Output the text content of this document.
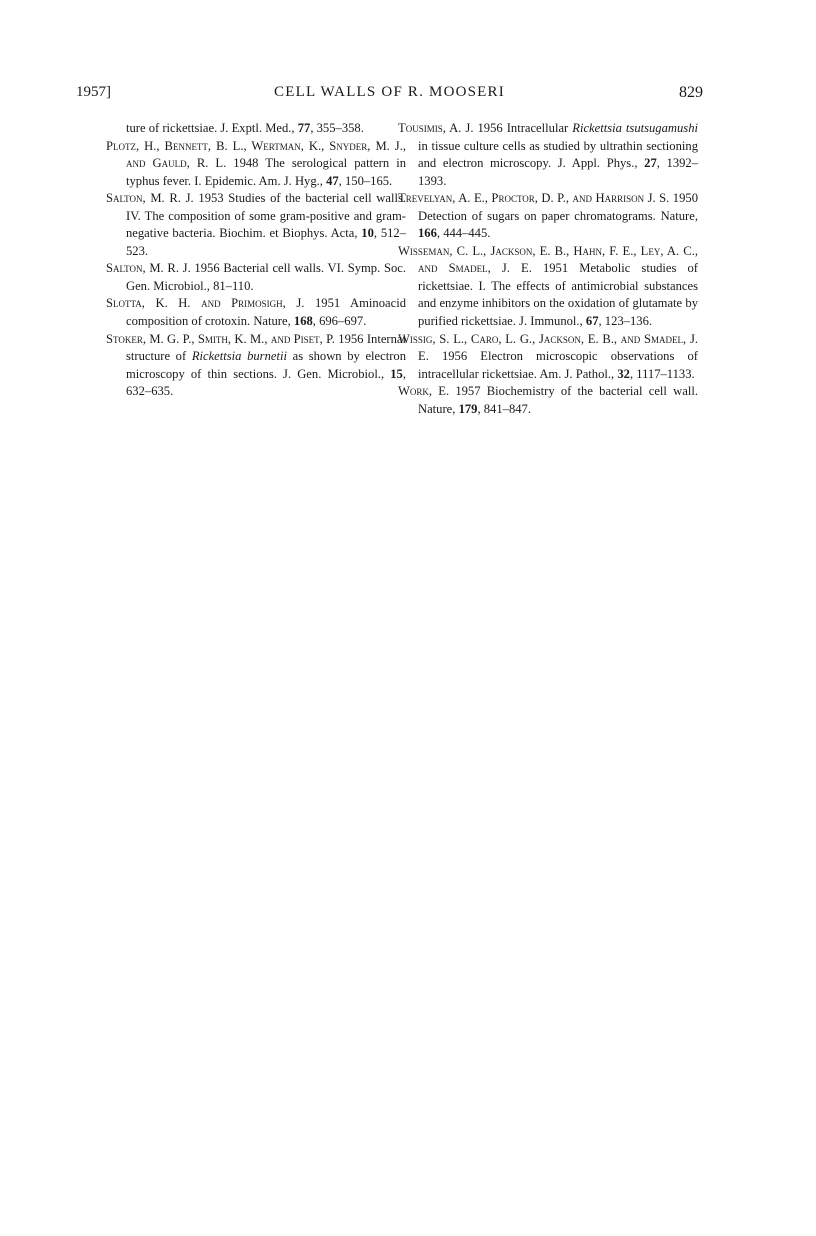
1957]	CELL WALLS OF R. MOOSERI	829

ture of rickettsiae. J. Exptl. Med., 77, 355–358.

Plotz, H., Bennett, B. L., Wertman, K., Snyder, M. J., and Gauld, R. L. 1948 The serological pattern in typhus fever. I. Epidemic. Am. J. Hyg., 47, 150–165.

Salton, M. R. J. 1953 Studies of the bacterial cell walls. IV. The composition of some gram-positive and gram-negative bacteria. Biochim. et Biophys. Acta, 10, 512–523.

Salton, M. R. J. 1956 Bacterial cell walls. VI. Symp. Soc. Gen. Microbiol., 81–110.

Slotta, K. H. and Primosigh, J. 1951 Aminoacid composition of crotoxin. Nature, 168, 696–697.

Stoker, M. G. P., Smith, K. M., and Piset, P. 1956 Internal structure of Rickettsia burnetii as shown by electron microscopy of thin sections. J. Gen. Microbiol., 15, 632–635.

Tousimis, A. J. 1956 Intracellular Rickettsia tsutsugamushi in tissue culture cells as studied by ultrathin sectioning and electron microscopy. J. Appl. Phys., 27, 1392–1393.

Trevelyan, A. E., Proctor, D. P., and Harrison J. S. 1950 Detection of sugars on paper chromatograms. Nature, 166, 444–445.

Wisseman, C. L., Jackson, E. B., Hahn, F. E., Ley, A. C., and Smadel, J. E. 1951 Metabolic studies of rickettsiae. I. The effects of antimicrobial substances and enzyme inhibitors on the oxidation of glutamate by purified rickettsiae. J. Immunol., 67, 123–136.

Wissig, S. L., Caro, L. G., Jackson, E. B., and Smadel, J. E. 1956 Electron microscopic observations of intracellular rickettsiae. Am. J. Pathol., 32, 1117–1133.

Work, E. 1957 Biochemistry of the bacterial cell wall. Nature, 179, 841–847.
